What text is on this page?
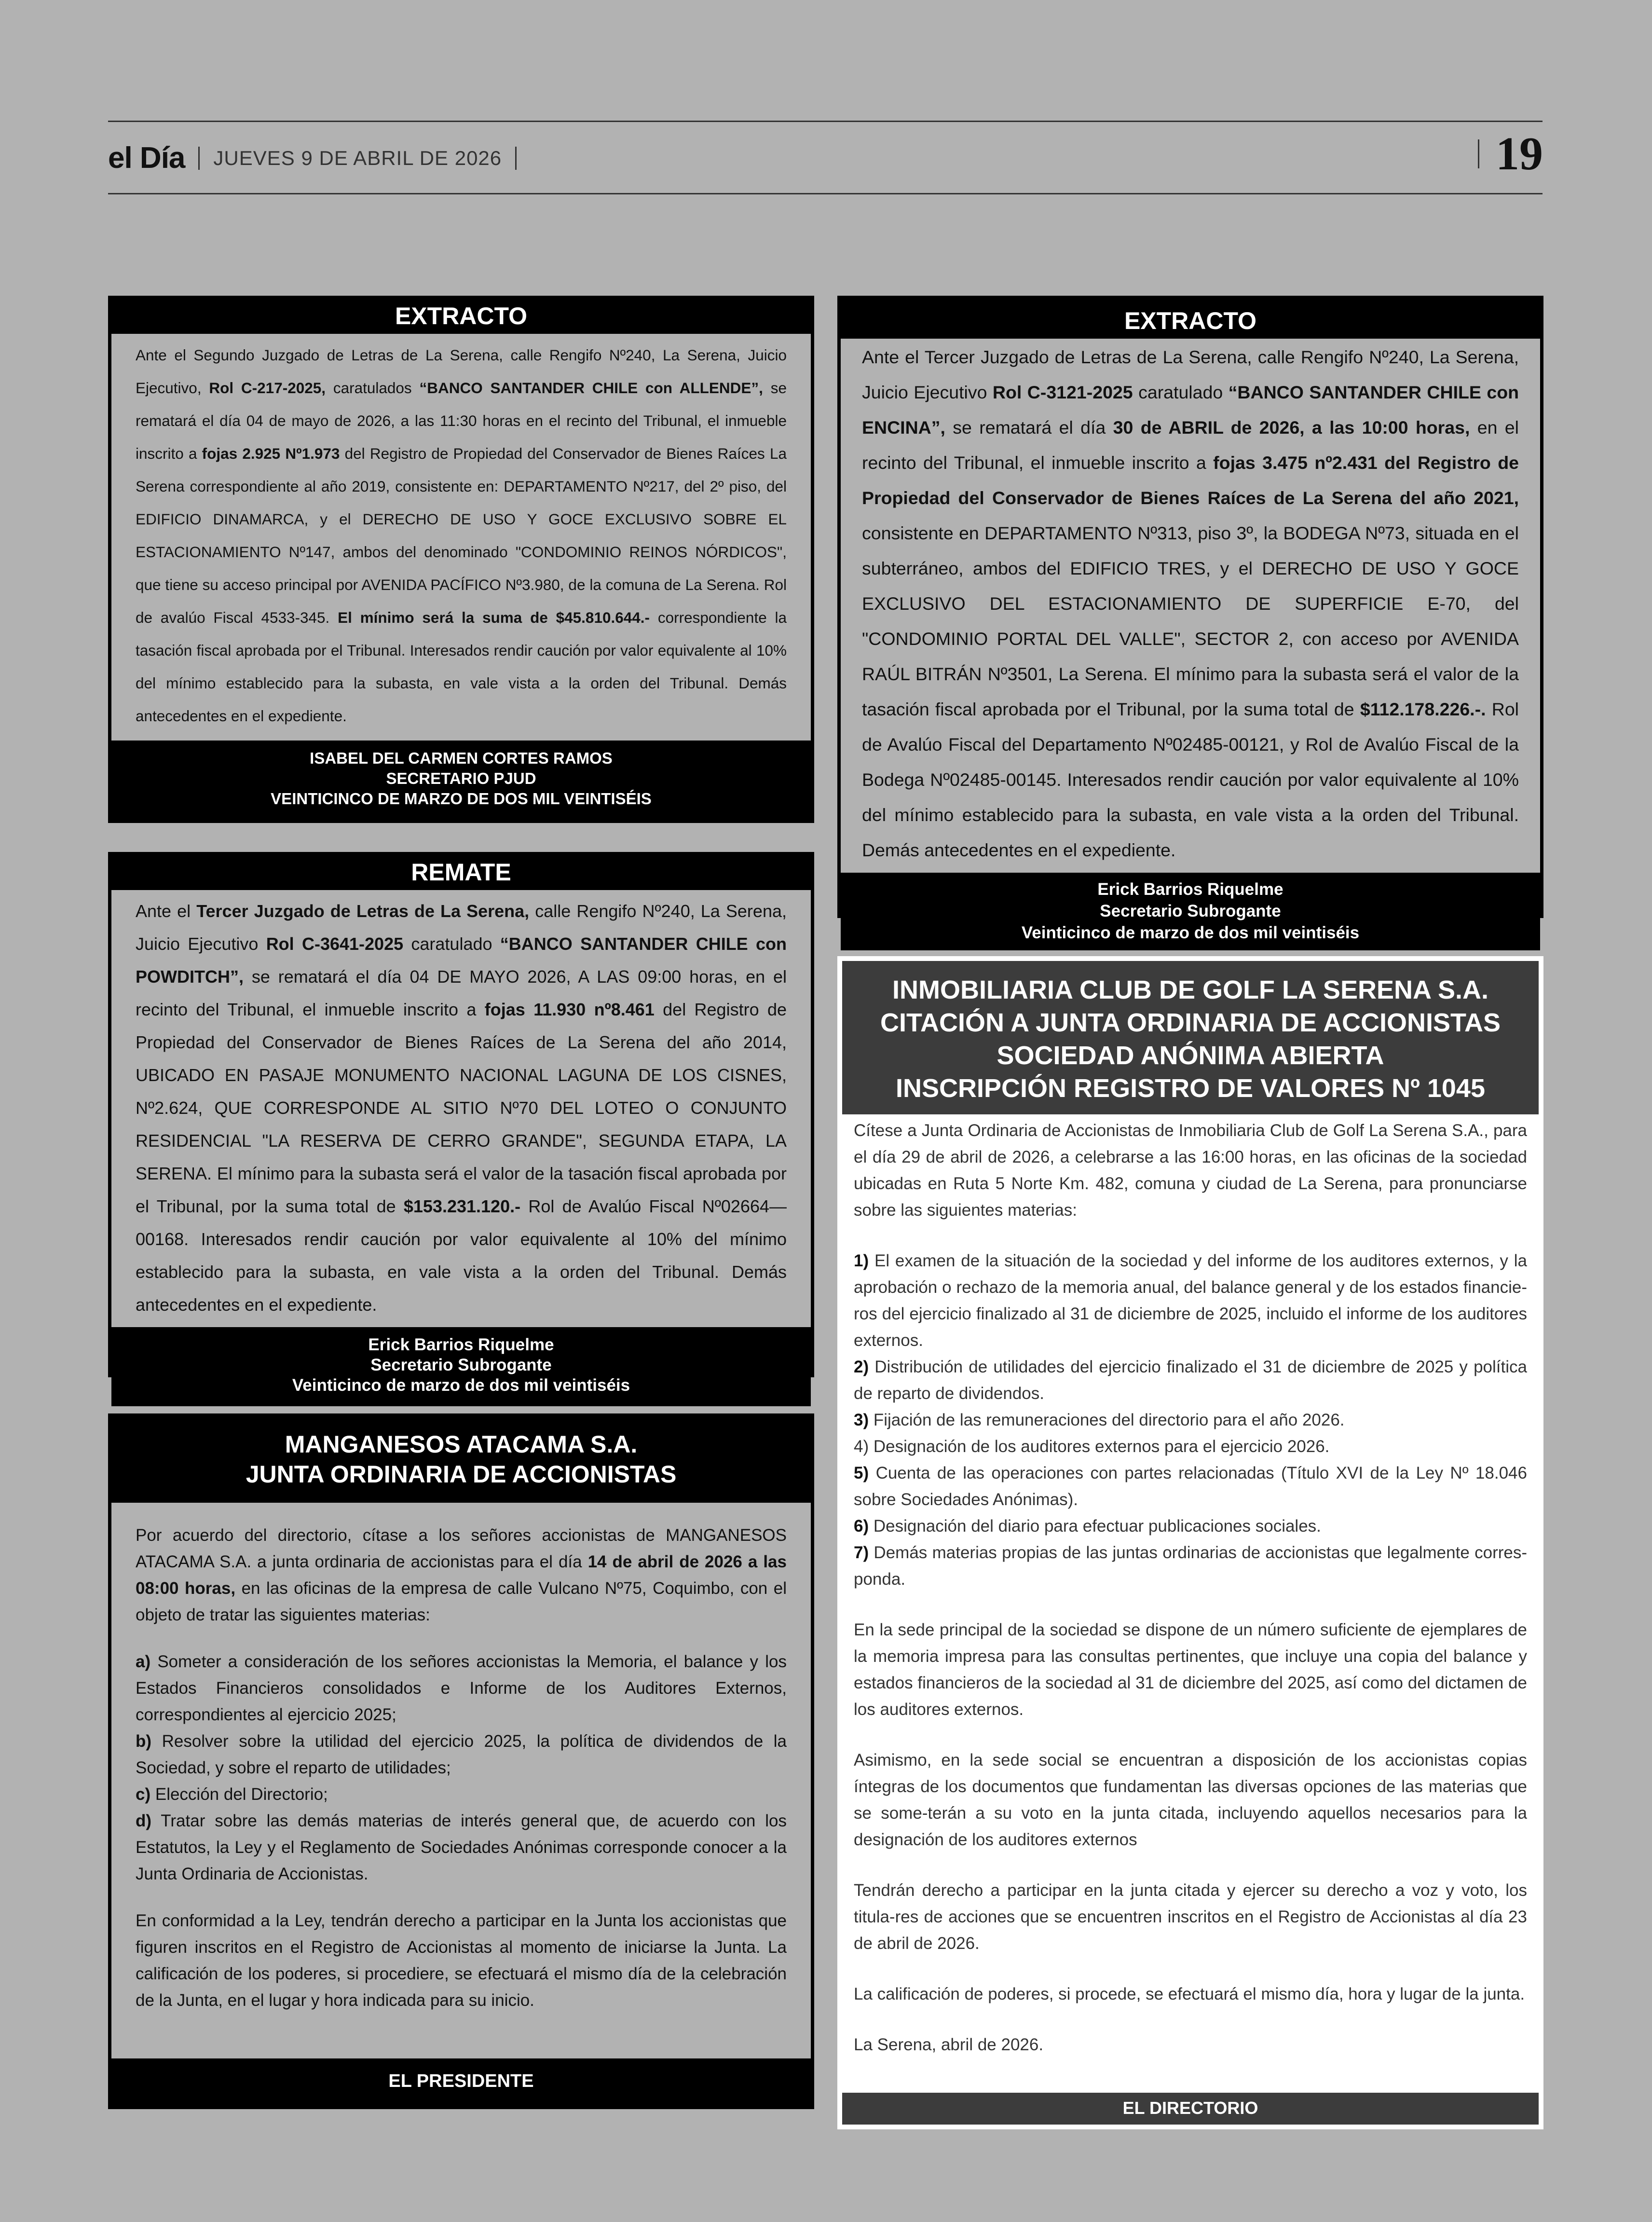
el Día JUEVES 9 DE ABRIL DE 2026	19
EXTRACTO
Ante el Segundo Juzgado de Letras de La Serena, calle Rengifo Nº240, La Serena, Juicio Ejecutivo, Rol C-217-2025, caratulados “BANCO SANTANDER CHILE con ALLENDE”, se rematará el día 04 de mayo de 2026, a las 11:30 horas en el recinto del Tribunal, el inmueble inscrito a fojas 2.925 Nº1.973 del Registro de Propiedad del Conservador de Bienes Raíces La Serena correspondiente al año 2019, consistente en: DEPARTAMENTO Nº217, del 2º piso, del EDIFICIO DINAMARCA, y el DERECHO DE USO Y GOCE EXCLUSIVO SOBRE EL ESTACIONAMIENTO Nº147, ambos del denominado "CONDOMINIO REINOS NÓRDICOS", que tiene su acceso principal por AVENIDA PACÍFICO Nº3.980, de la comuna de La Serena. Rol de avalúo Fiscal 4533-345. El mínimo será la suma de $45.810.644.- correspondiente la tasación fiscal aprobada por el Tribunal. Interesados rendir caución por valor equivalente al 10% del mínimo establecido para la subasta, en vale vista a la orden del Tribunal. Demás antecedentes en el expediente.
ISABEL DEL CARMEN CORTES RAMOS
SECRETARIO PJUD
VEINTICINCO DE MARZO DE DOS MIL VEINTISÉIS
REMATE
Ante el Tercer Juzgado de Letras de La Serena, calle Rengifo Nº240, La Serena, Juicio Ejecutivo Rol C-3641-2025 caratulado “BANCO SANTANDER CHILE con POWDITCH”, se rematará el día 04 DE MAYO 2026, A LAS 09:00 horas, en el recinto del Tribunal, el inmueble inscrito a fojas 11.930 nº8.461 del Registro de Propiedad del Conservador de Bienes Raíces de La Serena del año 2014, UBICADO EN PASAJE MONUMENTO NACIONAL LAGUNA DE LOS CISNES, Nº2.624, QUE CORRESPONDE AL SITIO Nº70 DEL LOTEO O CONJUNTO RESIDENCIAL "LA RESERVA DE CERRO GRANDE", SEGUNDA ETAPA, LA SERENA. El mínimo para la subasta será el valor de la tasación fiscal aprobada por el Tribunal, por la suma total de $153.231.120.- Rol de Avalúo Fiscal Nº02664—00168. Interesados rendir caución por valor equivalente al 10% del mínimo establecido para la subasta, en vale vista a la orden del Tribunal. Demás antecedentes en el expediente.
Erick Barrios Riquelme
Secretario Subrogante
Veinticinco de marzo de dos mil veintiséis
MANGANESOS ATACAMA S.A.
JUNTA ORDINARIA DE ACCIONISTAS

Por acuerdo del directorio, cítase a los señores accionistas de MANGANESOS ATACAMA S.A. a junta ordinaria de accionistas para el día 14 de abril de 2026 a las 08:00 horas, en las oficinas de la empresa de calle Vulcano Nº75, Coquimbo, con el objeto de tratar las siguientes materias:

a) Someter a consideración de los señores accionistas la Memoria, el balance y los Estados Financieros consolidados e Informe de los Auditores Externos, correspondientes al ejercicio 2025;
b) Resolver sobre la utilidad del ejercicio 2025, la política de dividendos de la Sociedad, y sobre el reparto de utilidades;
c) Elección del Directorio;
d) Tratar sobre las demás materias de interés general que, de acuerdo con los Estatutos, la Ley y el Reglamento de Sociedades Anónimas corresponde conocer a la Junta Ordinaria de Accionistas.

En conformidad a la Ley, tendrán derecho a participar en la Junta los accionistas que figuren inscritos en el Registro de Accionistas al momento de iniciarse la Junta. La calificación de los poderes, si procediere, se efectuará el mismo día de la celebración de la Junta, en el lugar y hora indicada para su inicio.

EL PRESIDENTE
EXTRACTO
Ante el Tercer Juzgado de Letras de La Serena, calle Rengifo Nº240, La Serena, Juicio Ejecutivo Rol C-3121-2025 caratulado “BANCO SANTANDER CHILE con ENCINA”, se rematará el día 30 de ABRIL de 2026, a las 10:00 horas, en el recinto del Tribunal, el inmueble inscrito a fojas 3.475 nº2.431 del Registro de Propiedad del Conservador de Bienes Raíces de La Serena del año 2021, consistente en DEPARTAMENTO Nº313, piso 3º, la BODEGA Nº73, situada en el subterráneo, ambos del EDIFICIO TRES, y el DERECHO DE USO Y GOCE EXCLUSIVO DEL ESTACIONAMIENTO DE SUPERFICIE E-70, del "CONDOMINIO PORTAL DEL VALLE", SECTOR 2, con acceso por AVENIDA RAÚL BITRÁN Nº3501, La Serena. El mínimo para la subasta será el valor de la tasación fiscal aprobada por el Tribunal, por la suma total de $112.178.226.-. Rol de Avalúo Fiscal del Departamento Nº02485-00121, y Rol de Avalúo Fiscal de la Bodega Nº02485-00145. Interesados rendir caución por valor equivalente al 10% del mínimo establecido para la subasta, en vale vista a la orden del Tribunal. Demás antecedentes en el expediente.
Erick Barrios Riquelme
Secretario Subrogante
Veinticinco de marzo de dos mil veintiséis
INMOBILIARIA CLUB DE GOLF LA SERENA S.A.
CITACIÓN A JUNTA ORDINARIA DE ACCIONISTAS
SOCIEDAD ANÓNIMA ABIERTA
INSCRIPCIÓN REGISTRO DE VALORES Nº 1045

Cítese a Junta Ordinaria de Accionistas de Inmobiliaria Club de Golf La Serena S.A., para el día 29 de abril de 2026, a celebrarse a las 16:00 horas, en las oficinas de la sociedad ubicadas en Ruta 5 Norte Km. 482, comuna y ciudad de La Serena, para pronunciarse sobre las siguientes materias:

1) El examen de la situación de la sociedad y del informe de los auditores externos, y la aprobación o rechazo de la memoria anual, del balance general y de los estados financie-ros del ejercicio finalizado al 31 de diciembre de 2025, incluido el informe de los auditores externos.
2) Distribución de utilidades del ejercicio finalizado el 31 de diciembre de 2025 y política de reparto de dividendos.
3) Fijación de las remuneraciones del directorio para el año 2026.
4) Designación de los auditores externos para el ejercicio 2026.
5) Cuenta de las operaciones con partes relacionadas (Título XVI de la Ley Nº 18.046 sobre Sociedades Anónimas).
6) Designación del diario para efectuar publicaciones sociales.
7) Demás materias propias de las juntas ordinarias de accionistas que legalmente corres-ponda.

En la sede principal de la sociedad se dispone de un número suficiente de ejemplares de la memoria impresa para las consultas pertinentes, que incluye una copia del balance y estados financieros de la sociedad al 31 de diciembre del 2025, así como del dictamen de los auditores externos.

Asimismo, en la sede social se encuentran a disposición de los accionistas copias íntegras de los documentos que fundamentan las diversas opciones de las materias que se some-terán a su voto en la junta citada, incluyendo aquellos necesarios para la designación de los auditores externos

Tendrán derecho a participar en la junta citada y ejercer su derecho a voz y voto, los titula-res de acciones que se encuentren inscritos en el Registro de Accionistas al día 23 de abril de 2026.

La calificación de poderes, si procede, se efectuará el mismo día, hora y lugar de la junta.

La Serena, abril de 2026.

EL DIRECTORIO
